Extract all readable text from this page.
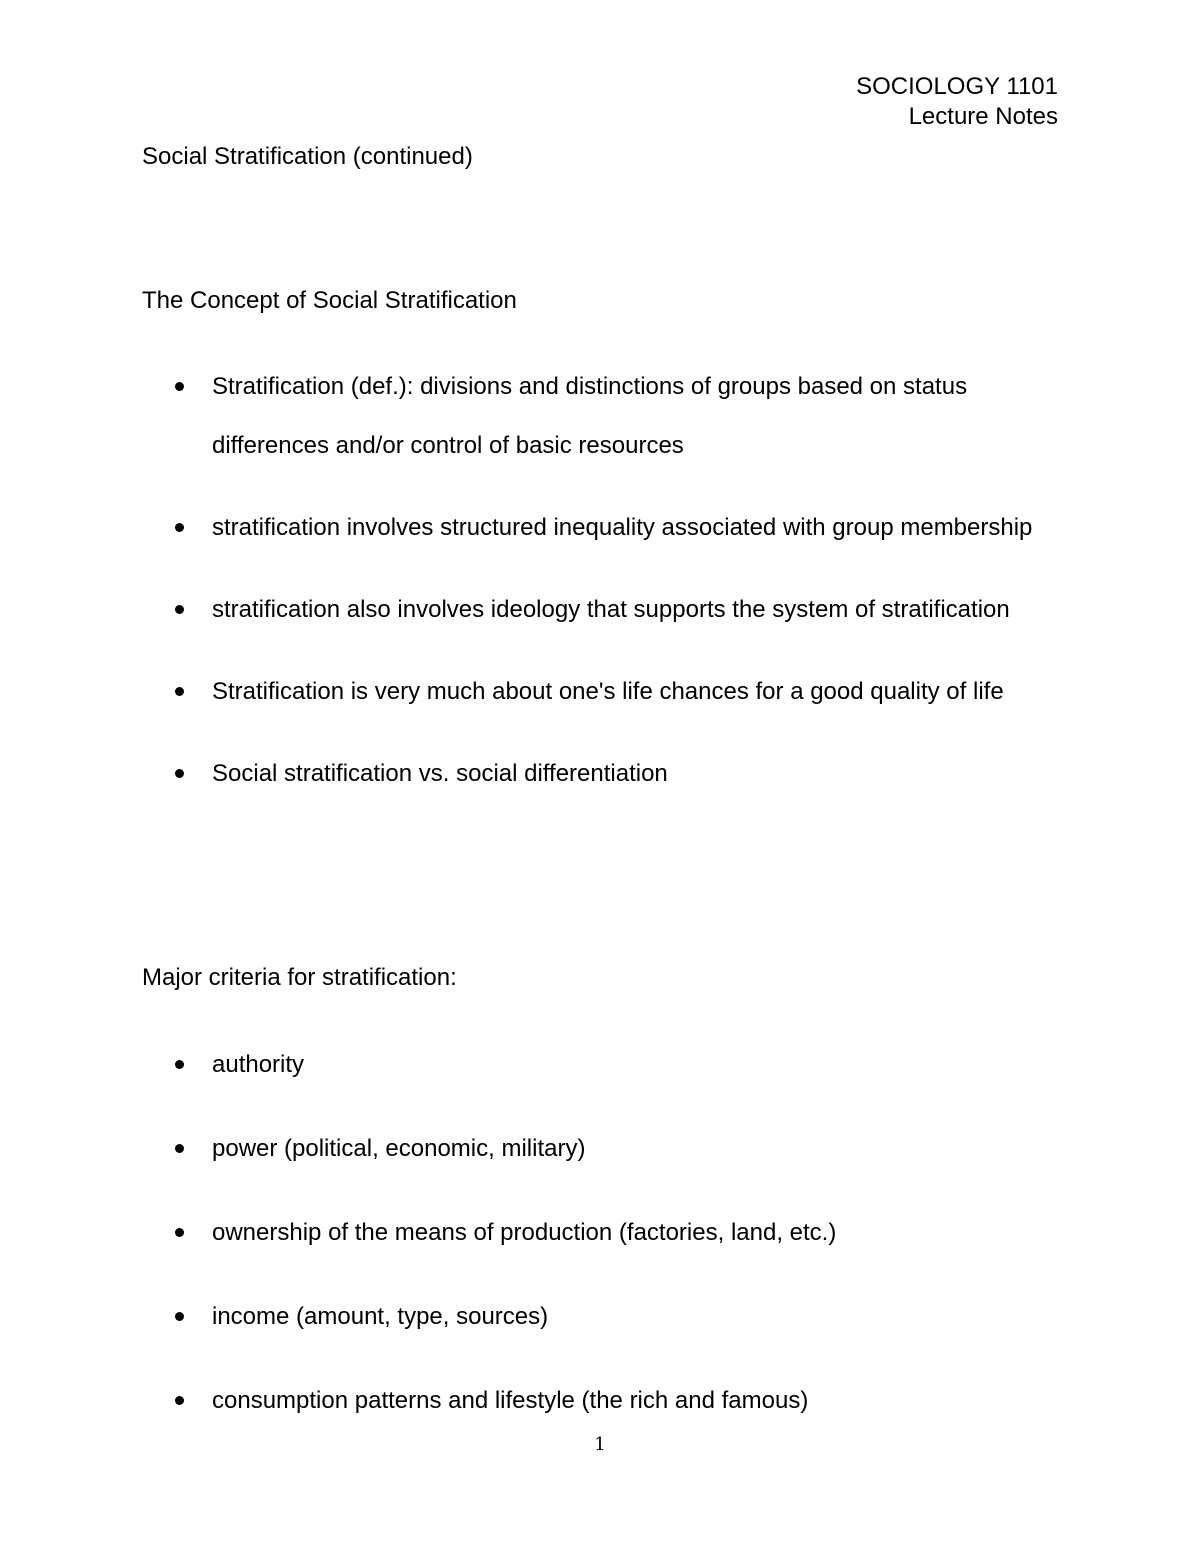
SOCIOLOGY 1101
Lecture Notes
Social Stratification (continued)
The Concept of Social Stratification
Stratification (def.): divisions and distinctions of groups based on status differences and/or control of basic resources
stratification involves structured inequality associated with group membership
stratification also involves ideology that supports the system of stratification
Stratification is very much about one's life chances for a good quality of life
Social stratification vs. social differentiation
Major criteria for stratification:
authority
power (political, economic, military)
ownership of the means of production (factories, land, etc.)
income (amount, type, sources)
consumption patterns and lifestyle (the rich and famous)
1
